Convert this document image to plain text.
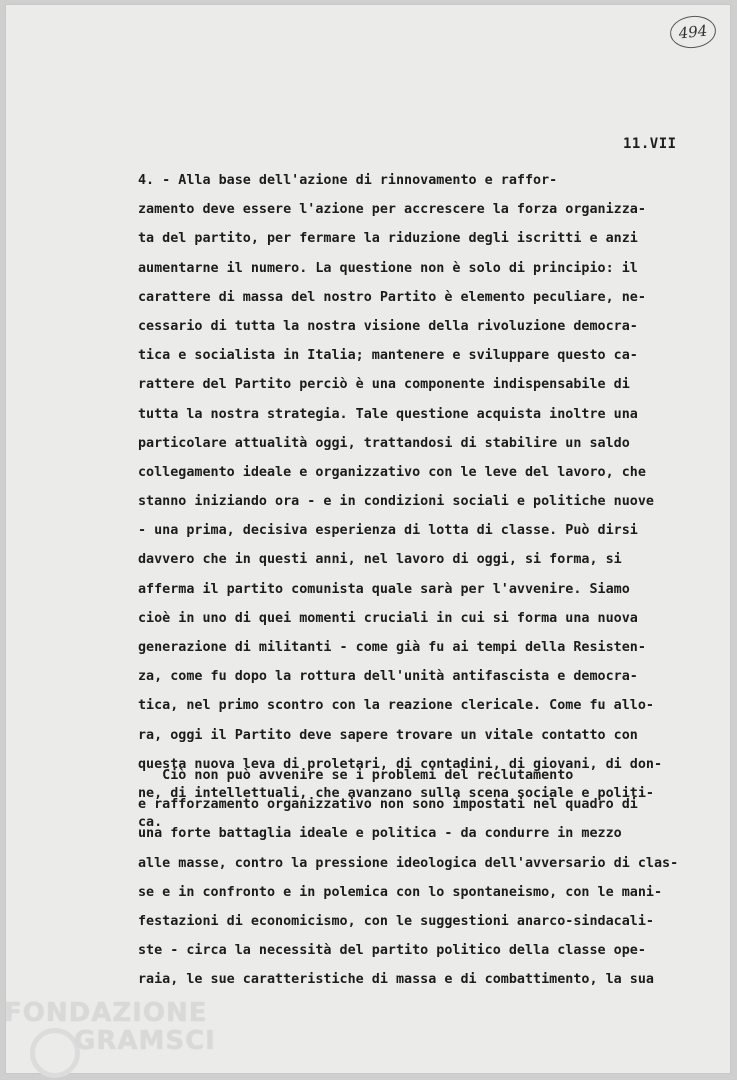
494
11.VII
4. - Alla base dell'azione di rinnovamento e raffor-
zamento deve essere l'azione per accrescere la forza organizza-
ta del partito, per fermare la riduzione degli iscritti e anzi
aumentarne il numero. La questione non è solo di principio: il
carattere di massa del nostro Partito è elemento peculiare, ne-
cessario di tutta la nostra visione della rivoluzione democra-
tica e socialista in Italia; mantenere e sviluppare questo ca-
rattere del Partito perciò è una componente indispensabile di
tutta la nostra strategia. Tale questione acquista inoltre una
particolare attualità oggi, trattandosi di stabilire un saldo
collegamento ideale e organizzativo con le leve del lavoro, che
stanno iniziando ora - e in condizioni sociali e politiche nuove
- una prima, decisiva esperienza di lotta di classe. Può dirsi
davvero che in questi anni, nel lavoro di oggi, si forma, si
afferma il partito comunista quale sarà per l'avvenire. Siamo
cioè in uno di quei momenti cruciali in cui si forma una nuova
generazione di militanti - come già fu ai tempi della Resisten-
za, come fu dopo la rottura dell'unità antifascista e democra-
tica, nel primo scontro con la reazione clericale. Come fu allo-
ra, oggi il Partito deve sapere trovare un vitale contatto con
questa nuova leva di proletari, di contadini, di giovani, di don-
ne, di intellettuali, che avanzano sulla scena sociale e politi-
ca.
Ciò non può avvenire se i problemi del reclutamento
e rafforzamento organizzativo non sono impostati nel quadro di
una forte battaglia ideale e politica - da condurre in mezzo
alle masse, contro la pressione ideologica dell'avversario di clas-
se e in confronto e in polemica con lo spontaneismo, con le mani-
festazioni di economicismo, con le suggestioni anarco-sindacali-
ste - circa la necessità del partito politico della classe ope-
raia, le sue caratteristiche di massa e di combattimento, la sua
FONDAZIONE
GRAMSCI
